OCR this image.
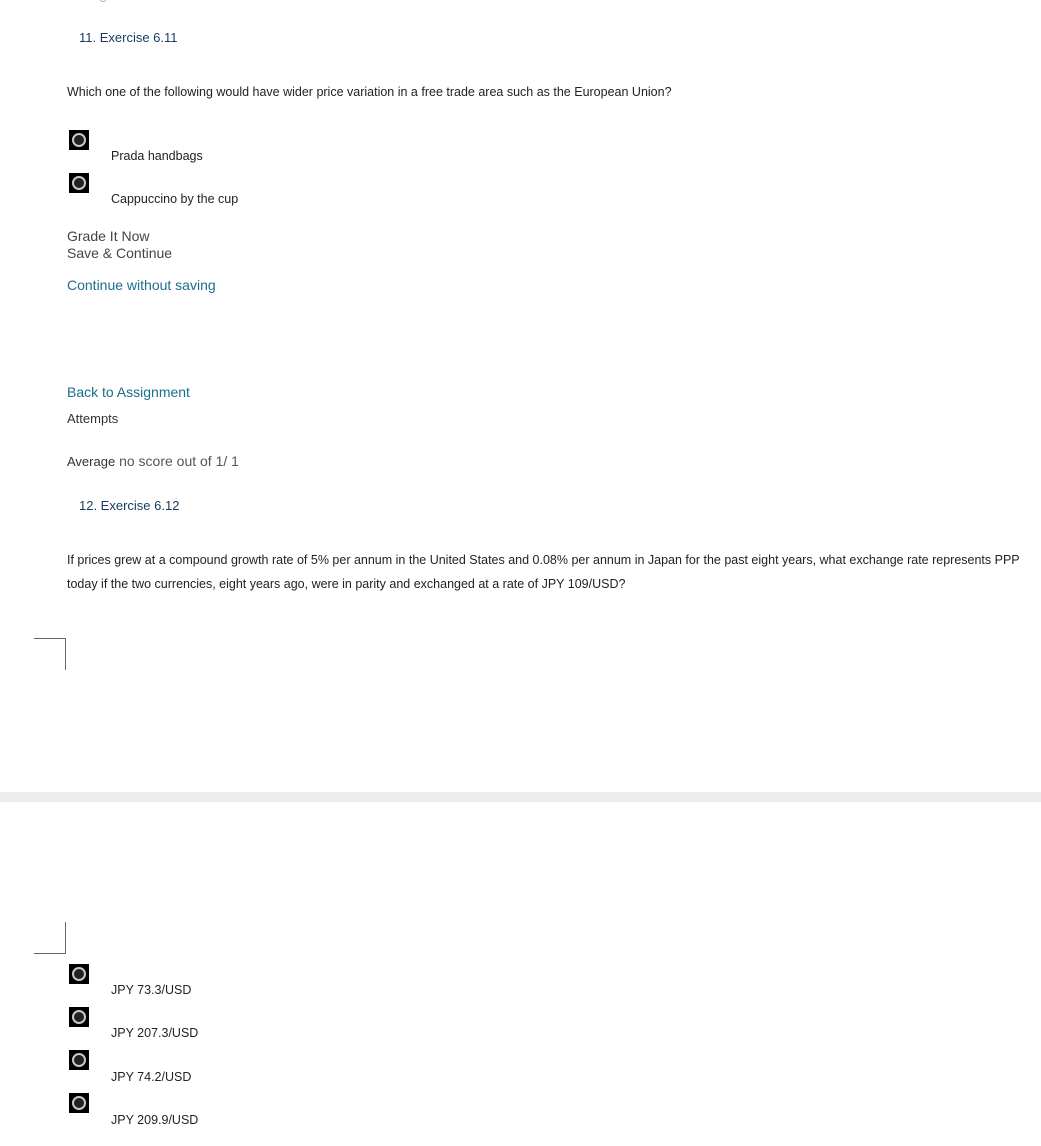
11. Exercise 6.11
Which one of the following would have wider price variation in a free trade area such as the European Union?
Prada handbags
Cappuccino by the cup
Grade It Now
Save & Continue
Continue without saving
Back to Assignment
Attempts
Average no score out of 1/ 1
12. Exercise 6.12
If prices grew at a compound growth rate of 5% per annum in the United States and 0.08% per annum in Japan for the past eight years, what exchange rate represents PPP today if the two currencies, eight years ago, were in parity and exchanged at a rate of JPY 109/USD?
JPY 73.3/USD
JPY 207.3/USD
JPY 74.2/USD
JPY 209.9/USD
